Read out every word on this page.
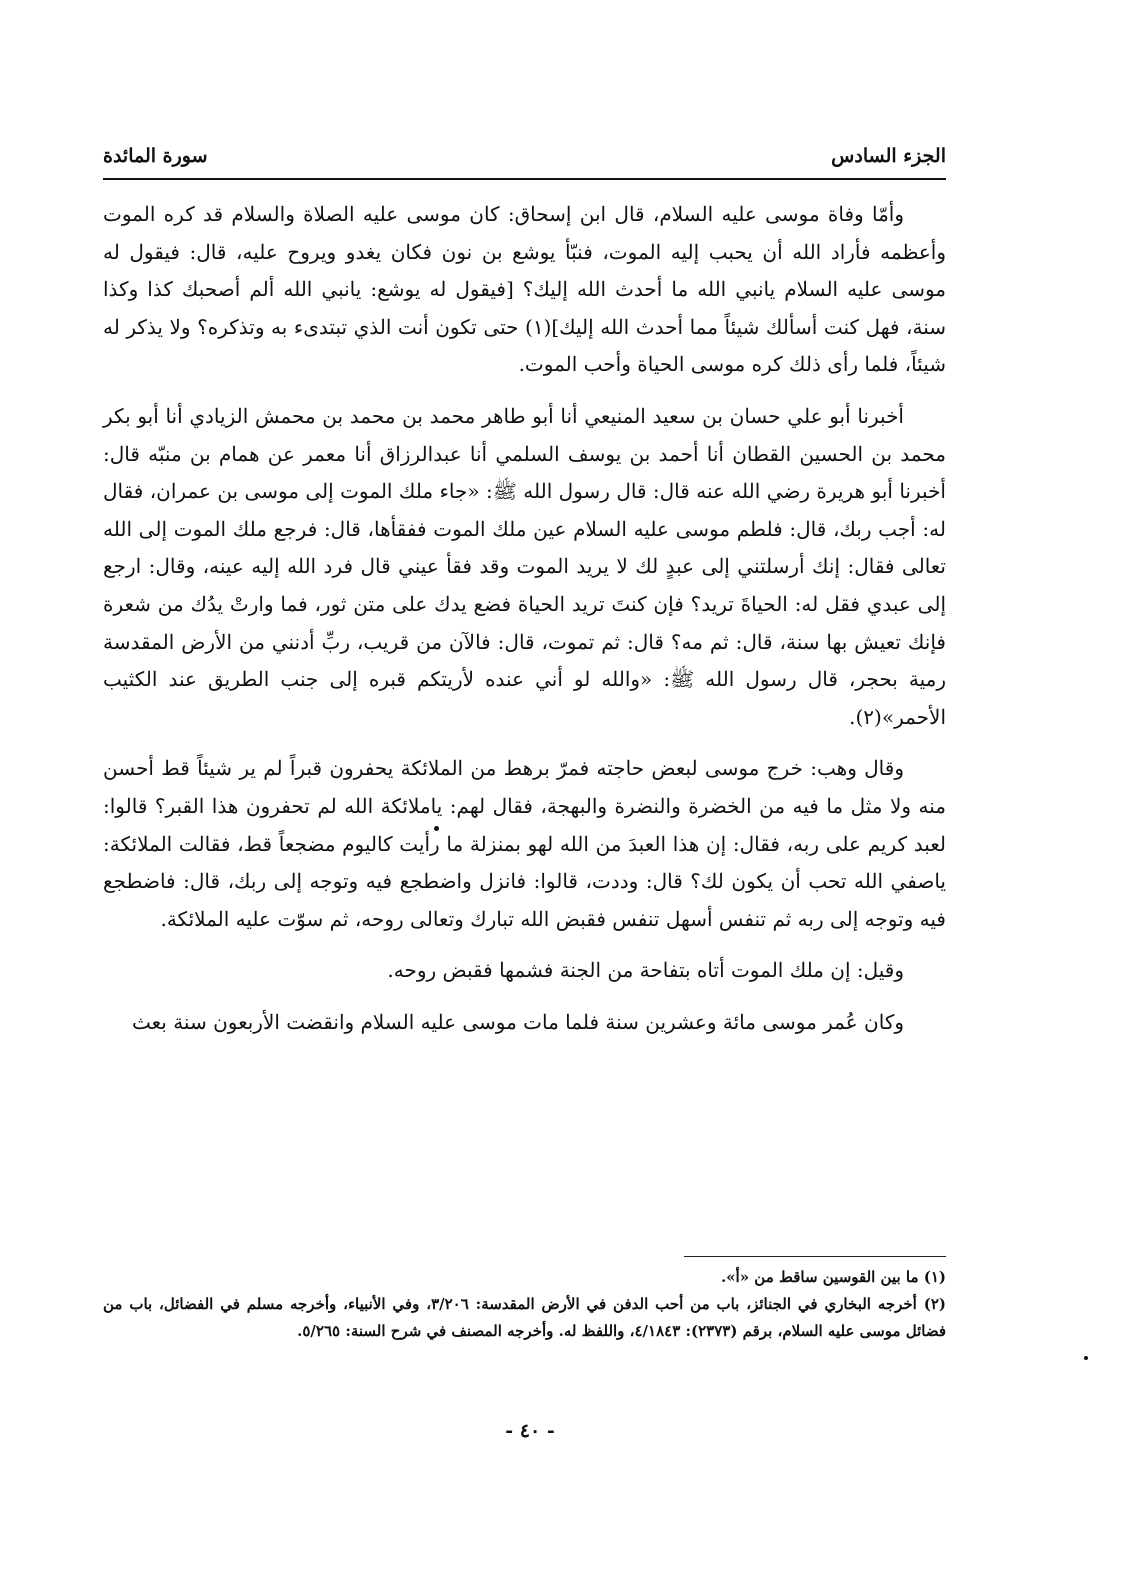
الجزء السادس
سورة المائدة

وأمّا وفاة موسى عليه السلام، قال ابن إسحاق: كان موسى عليه الصلاة والسلام قد كره الموت وأعظمه فأراد الله أن يحبب إليه الموت، فنبّأ يوشع بن نون فكان يغدو ويروح عليه، قال: فيقول له موسى عليه السلام يانبي الله ما أحدث الله إليك؟ [فيقول له يوشع: يانبي الله ألم أصحبك كذا وكذا سنة، فهل كنت أسألك شيئاً مما أحدث الله إليك](١) حتى تكون أنت الذي تبتدىء به وتذكره؟ ولا يذكر له شيئاً، فلما رأى ذلك كره موسى الحياة وأحب الموت.

أخبرنا أبو علي حسان بن سعيد المنيعي أنا أبو طاهر محمد بن محمد بن محمش الزيادي أنا أبو بكر محمد بن الحسين القطان أنا أحمد بن يوسف السلمي أنا عبدالرزاق أنا معمر عن همام بن منبّه قال: أخبرنا أبو هريرة رضي الله عنه قال: قال رسول الله ﷺ: «جاء ملك الموت إلى موسى بن عمران، فقال له: أجب ربك، قال: فلطم موسى عليه السلام عين ملك الموت ففقأها، قال: فرجع ملك الموت إلى الله تعالى فقال: إنك أرسلتني إلى عبدٍ لك لا يريد الموت وقد فقأ عيني قال فرد الله إليه عينه، وقال: ارجع إلى عبدي فقل له: الحياةَ تريد؟ فإن كنتَ تريد الحياة فضع يدك على متن ثور، فما وارتْ يدُك من شعرة فإنك تعيش بها سنة، قال: ثم مه؟ قال: ثم تموت، قال: فالآن من قريب، ربِّ أدنني من الأرض المقدسة رمية بحجر، قال رسول الله ﷺ: «والله لو أني عنده لأريتكم قبره إلى جنب الطريق عند الكثيب الأحمر»(٢).

وقال وهب: خرج موسى لبعض حاجته فمرّ برهط من الملائكة يحفرون قبراً لم ير شيئاً قط أحسن منه ولا مثل ما فيه من الخضرة والنضرة والبهجة، فقال لهم: ياملائكة الله لم تحفرون هذا القبر؟ قالوا: لعبد كريم على ربه، فقال: إن هذا العبدَ من الله لهو بمنزلة ما رأيت كاليوم مضجعاً قط، فقالت الملائكة: ياصفي الله تحب أن يكون لك؟ قال: وددت، قالوا: فانزل واضطجع فيه وتوجه إلى ربك، قال: فاضطجع فيه وتوجه إلى ربه ثم تنفس أسهل تنفس فقبض الله تبارك وتعالى روحه، ثم سوّت عليه الملائكة.

وقيل: إن ملك الموت أتاه بتفاحة من الجنة فشمها فقبض روحه.

وكان عُمر موسى مائة وعشرين سنة فلما مات موسى عليه السلام وانقضت الأربعون سنة بعث

(١) ما بين القوسين ساقط من «أ».

(٢) أخرجه البخاري في الجنائز، باب من أحب الدفن في الأرض المقدسة: ٣/٢٠٦، وفي الأنبياء، وأخرجه مسلم في الفضائل، باب من فضائل موسى عليه السلام، برقم (٢٣٧٣): ٤/١٨٤٣، واللفظ له. وأخرجه المصنف في شرح السنة: ٥/٢٦٥.

- ٤٠ -
